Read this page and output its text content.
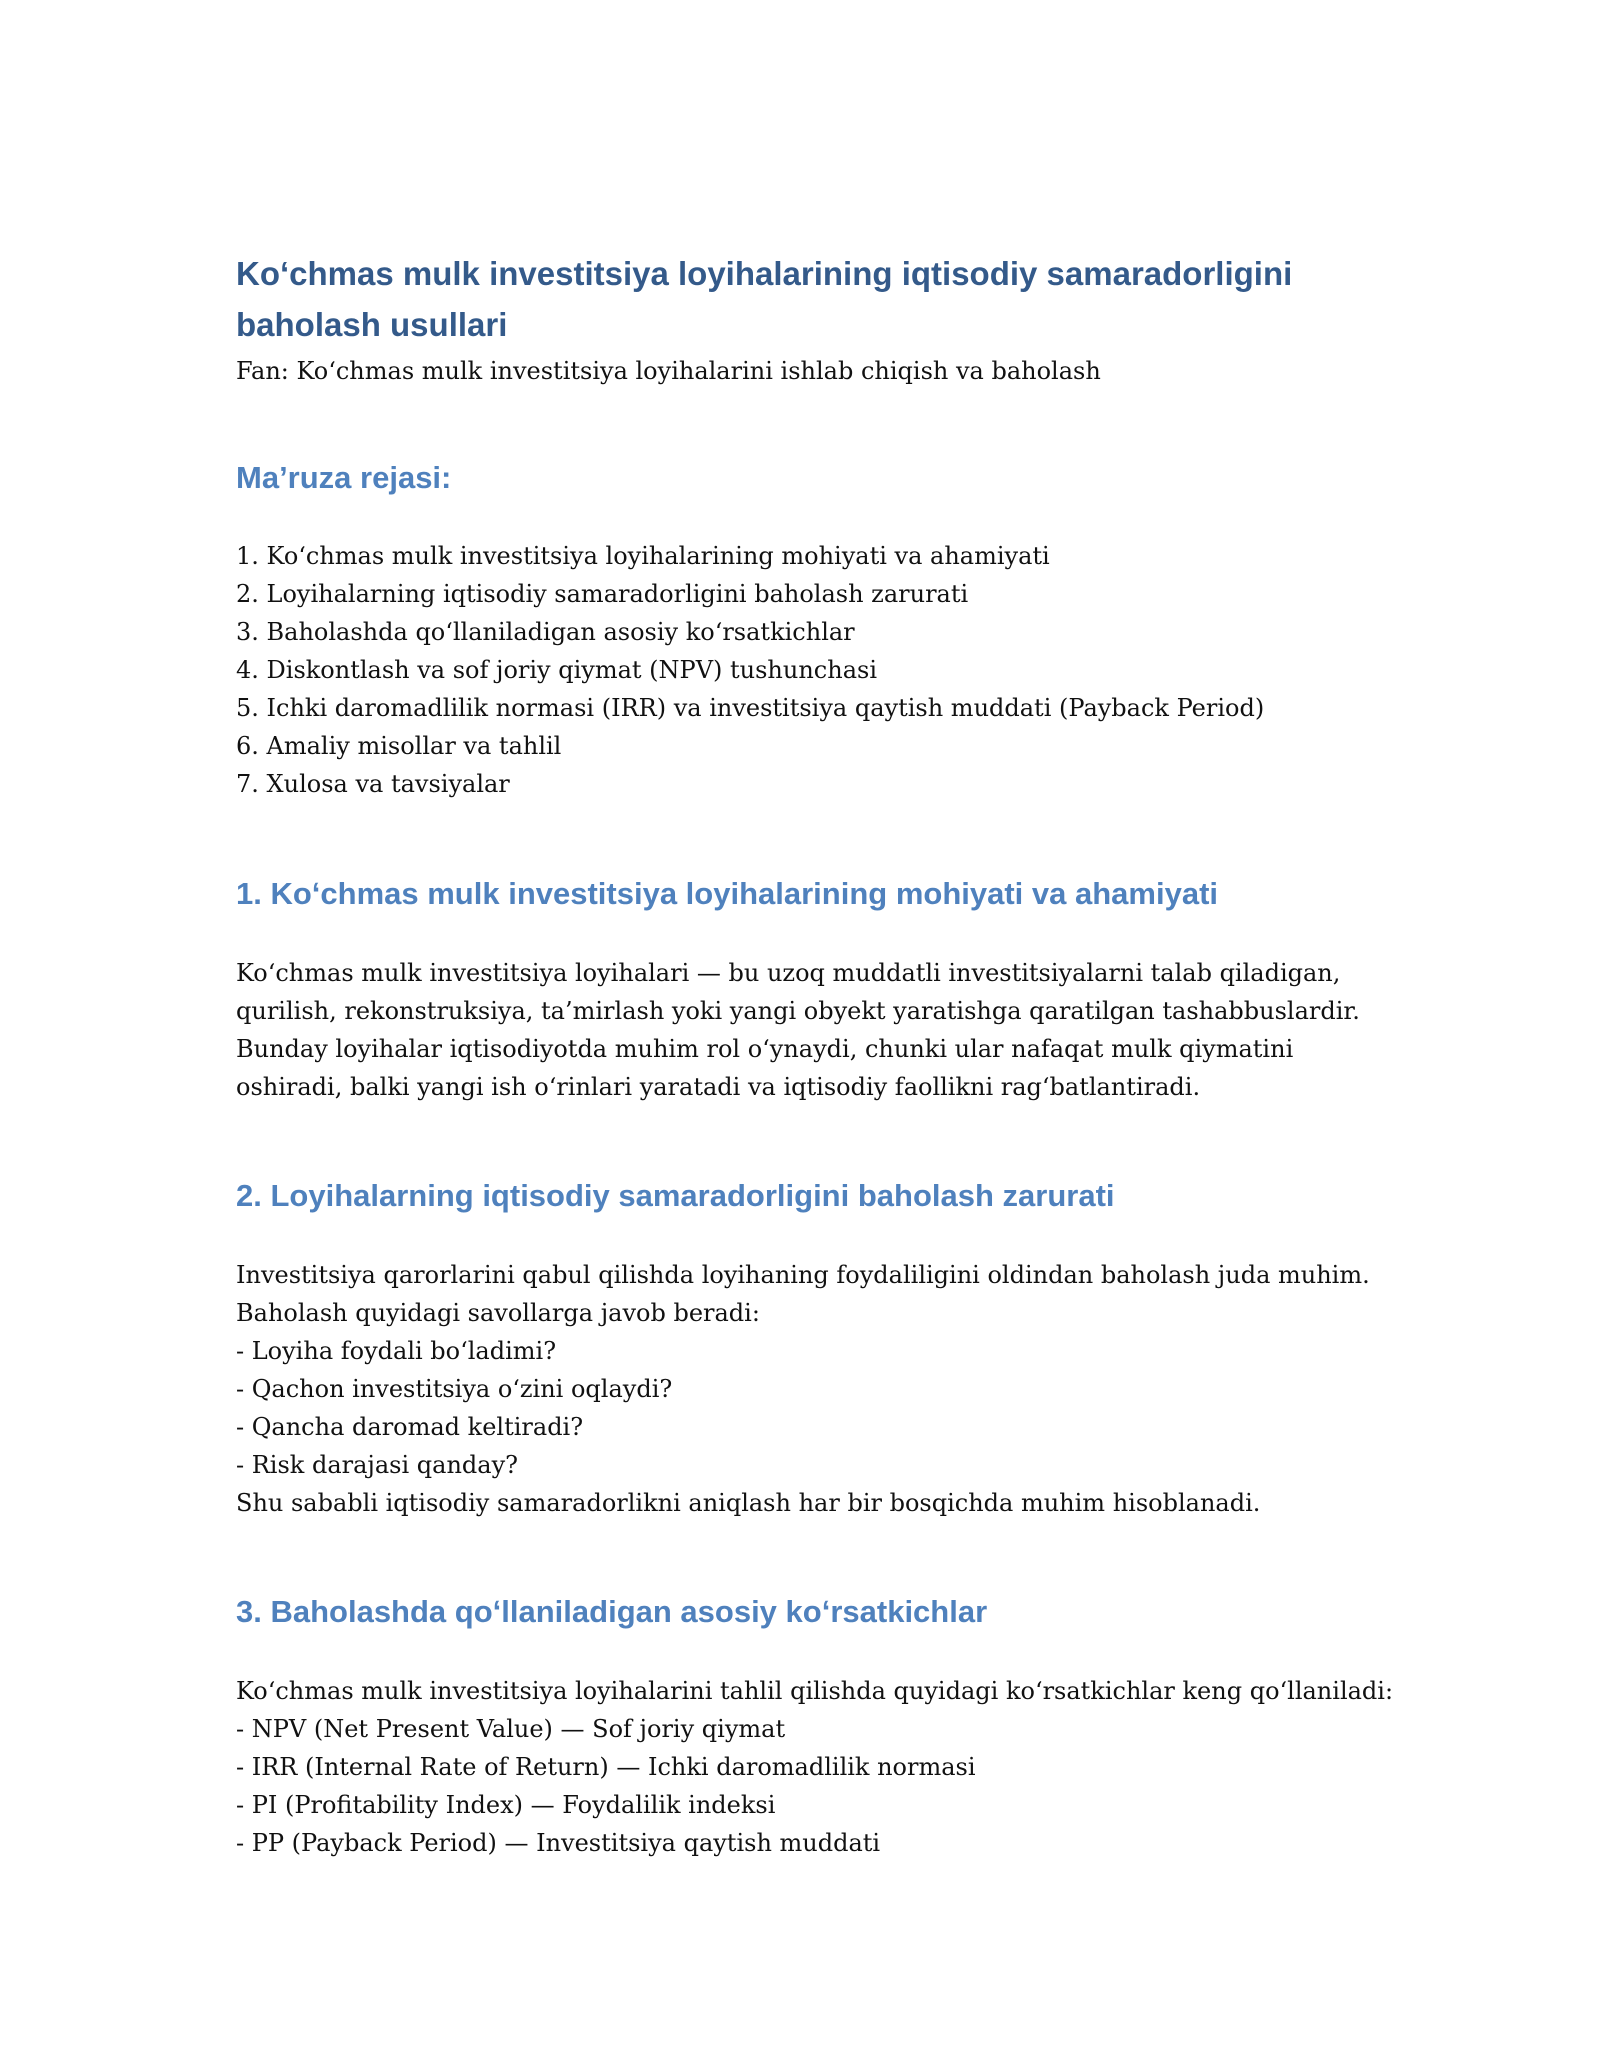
Koʻchmas mulk investitsiya loyihalarining iqtisodiy samaradorligini baholash usullari

Fan: Koʻchmas mulk investitsiya loyihalarini ishlab chiqish va baholash

Ma’ruza rejasi:
1. Koʻchmas mulk investitsiya loyihalarining mohiyati va ahamiyati
2. Loyihalarning iqtisodiy samaradorligini baholash zarurati
3. Baholashda qoʻllaniladigan asosiy koʻrsatkichlar
4. Diskontlash va sof joriy qiymat (NPV) tushunchasi
5. Ichki daromadlilik normasi (IRR) va investitsiya qaytish muddati (Payback Period)
6. Amaliy misollar va tahlil
7. Xulosa va tavsiyalar
1. Koʻchmas mulk investitsiya loyihalarining mohiyati va ahamiyati
Koʻchmas mulk investitsiya loyihalari — bu uzoq muddatli investitsiyalarni talab qiladigan,
qurilish, rekonstruksiya, ta’mirlash yoki yangi obyekt yaratishga qaratilgan tashabbuslardir.
Bunday loyihalar iqtisodiyotda muhim rol oʻynaydi, chunki ular nafaqat mulk qiymatini
oshiradi, balki yangi ish oʻrinlari yaratadi va iqtisodiy faollikni ragʻbatlantiradi.
2. Loyihalarning iqtisodiy samaradorligini baholash zarurati
Investitsiya qarorlarini qabul qilishda loyihaning foydaliligini oldindan baholash juda muhim.
Baholash quyidagi savollarga javob beradi:
- Loyiha foydali boʻladimi?
- Qachon investitsiya oʻzini oqlaydi?
- Qancha daromad keltiradi?
- Risk darajasi qanday?
Shu sababli iqtisodiy samaradorlikni aniqlash har bir bosqichda muhim hisoblanadi.
3. Baholashda qoʻllaniladigan asosiy koʻrsatkichlar
Koʻchmas mulk investitsiya loyihalarini tahlil qilishda quyidagi koʻrsatkichlar keng qoʻllaniladi:
- NPV (Net Present Value) — Sof joriy qiymat
- IRR (Internal Rate of Return) — Ichki daromadlilik normasi
- PI (Profitability Index) — Foydalilik indeksi
- PP (Payback Period) — Investitsiya qaytish muddati
